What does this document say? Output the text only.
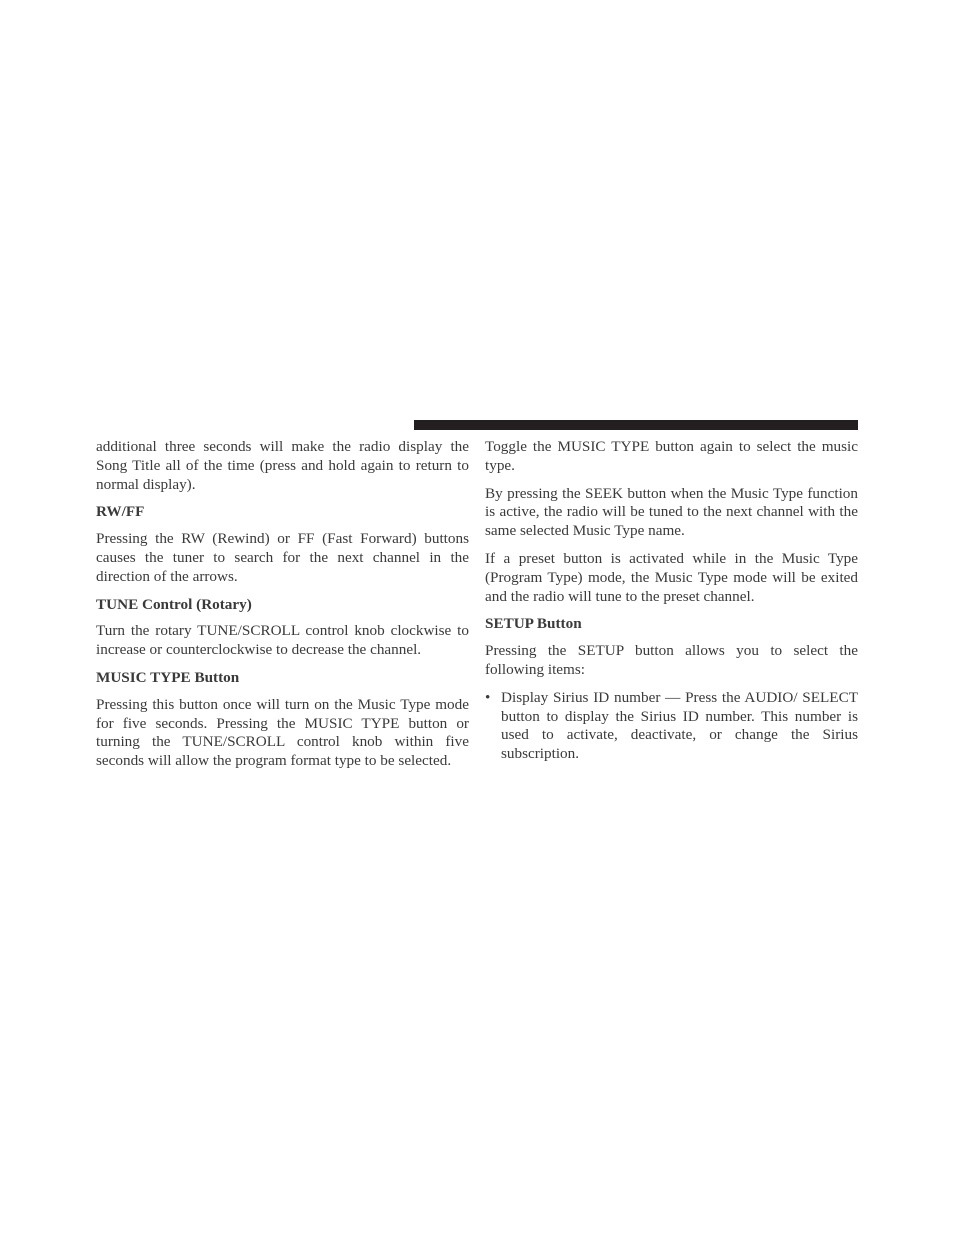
additional three seconds will make the radio display the Song Title all of the time (press and hold again to return to normal display).

RW/FF

Pressing the RW (Rewind) or FF (Fast Forward) buttons causes the tuner to search for the next channel in the direction of the arrows.

TUNE Control (Rotary)

Turn the rotary TUNE/SCROLL control knob clockwise to increase or counterclockwise to decrease the channel.

MUSIC TYPE Button

Pressing this button once will turn on the Music Type mode for five seconds. Pressing the MUSIC TYPE button or turning the TUNE/SCROLL control knob within five seconds will allow the program format type to be selected.

Toggle the MUSIC TYPE button again to select the music type.

By pressing the SEEK button when the Music Type function is active, the radio will be tuned to the next channel with the same selected Music Type name.

If a preset button is activated while in the Music Type (Program Type) mode, the Music Type mode will be exited and the radio will tune to the preset channel.

SETUP Button

Pressing the SETUP button allows you to select the following items:

• Display Sirius ID number — Press the AUDIO/ SELECT button to display the Sirius ID number. This number is used to activate, deactivate, or change the Sirius subscription.
